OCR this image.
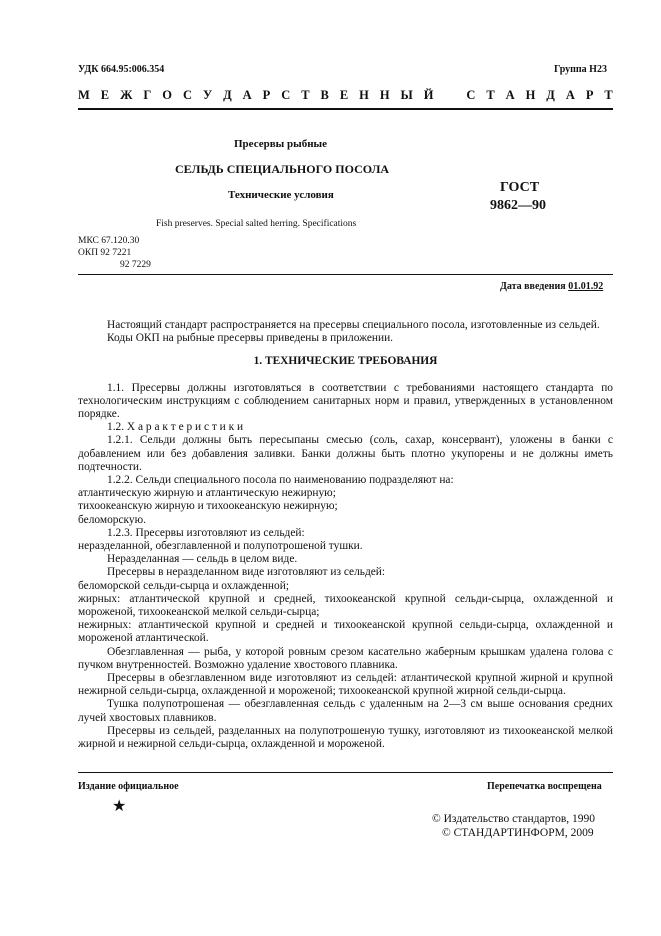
УДК 664.95:006.354	Группа Н23
М Е Ж Г О С У Д А Р С Т В Е Н Н Ы Й	С Т А Н Д А Р Т
Пресервы рыбные
СЕЛЬДЬ СПЕЦИАЛЬНОГО ПОСОЛА
Технические условия	ГОСТ
9862—90
Fish preserves. Special salted herring. Specifications
МКС 67.120.30
ОКП 92 7221
92 7229
Дата введения 01.01.92

Настоящий стандарт распространяется на пресервы специального посола, изготовленные из сельдей.

Коды ОКП на рыбные пресервы приведены в приложении.

1. ТЕХНИЧЕСКИЕ ТРЕБОВАНИЯ

1.1. Пресервы должны изготовляться в соответствии с требованиями настоящего стандарта по технологическим инструкциям с соблюдением санитарных норм и правил, утвержденных в установленном порядке.

1.2. Х а р а к т е р и с т и к и

1.2.1. Сельди должны быть пересыпаны смесью (соль, сахар, консервант), уложены в банки с добавлением или без добавления заливки. Банки должны быть плотно укупорены и не должны иметь подтечности.

1.2.2. Сельди специального посола по наименованию подразделяют на:

атлантическую жирную и атлантическую нежирную;

тихоокеанскую жирную и тихоокеанскую нежирную;

беломорскую.

1.2.3. Пресервы изготовляют из сельдей:

неразделанной, обезглавленной и полупотрошеной тушки.

Неразделанная — сельдь в целом виде.

Пресервы в неразделанном виде изготовляют из сельдей:

беломорской сельди-сырца и охлажденной;

жирных: атлантической крупной и средней, тихоокеанской крупной сельди-сырца, охлажденной и мороженой, тихоокеанской мелкой сельди-сырца;

нежирных: атлантической крупной и средней и тихоокеанской крупной сельди-сырца, охлажденной и мороженой атлантической.

Обезглавленная — рыба, у которой ровным срезом касательно жаберным крышкам удалена голова с пучком внутренностей. Возможно удаление хвостового плавника.

Пресервы в обезглавленном виде изготовляют из сельдей: атлантической крупной жирной и крупной нежирной сельди-сырца, охлажденной и мороженой; тихоокеанской крупной жирной сельди-сырца.

Тушка полупотрошеная — обезглавленная сельдь с удаленным на 2—3 см выше основания средних лучей хвостовых плавников.

Пресервы из сельдей, разделанных на полупотрошеную тушку, изготовляют из тихоокеанской мелкой жирной и нежирной сельди-сырца, охлажденной и мороженой.

Издание официальное	Перепечатка воспрещена
★
© Издательство стандартов, 1990
© СТАНДАРТИНФОРМ, 2009
